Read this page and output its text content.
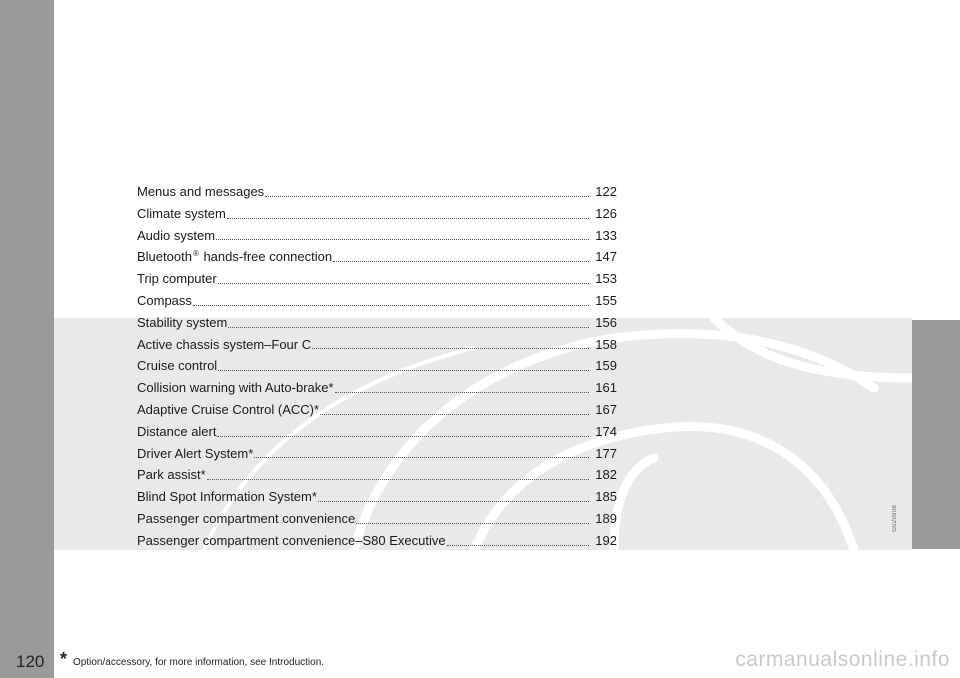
Menus and messages	122
Climate system	126
Audio system	133
Bluetooth® hands-free connection	147
Trip computer	153
Compass	155
Stability system	156
Active chassis system–Four C	158
Cruise control	159
Collision warning with Auto-brake*	161
Adaptive Cruise Control (ACC)*	167
Distance alert	174
Driver Alert System*	177
Park assist*	182
Blind Spot Information System*	185
Passenger compartment convenience	189
Passenger compartment convenience–S80 Executive	192
G020908
120 * Option/accessory, for more information, see Introduction.	carmanualsonline.info
